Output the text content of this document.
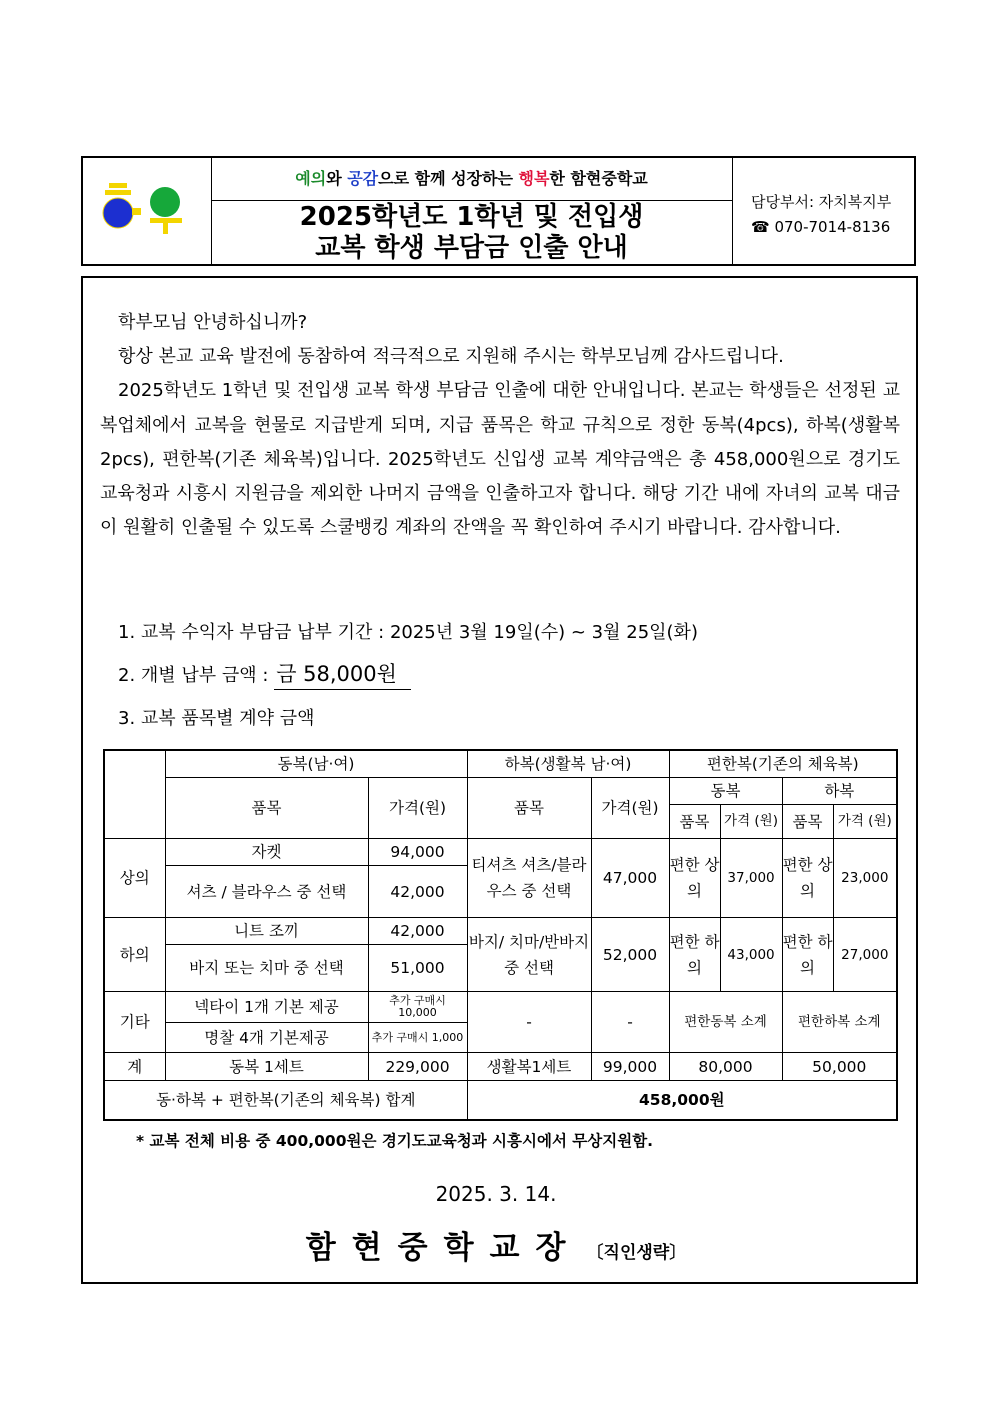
예의와 공감으로 함께 성장하는 행복한 함현중학교
2025학년도 1학년 및 전입생
교복 학생 부담금 인출 안내
담당부서: 자치복지부
☎ 070-7014-8136

학부모님 안녕하십니까?

항상 본교 교육 발전에 동참하여 적극적으로 지원해 주시는 학부모님께 감사드립니다.

2025학년도 1학년 및 전입생 교복 학생 부담금 인출에 대한 안내입니다. 본교는 학생들은 선정된 교복업체에서 교복을 현물로 지급받게 되며, 지급 품목은 학교 규칙으로 정한 동복(4pcs), 하복(생활복 2pcs), 편한복(기존 체육복)입니다. 2025학년도 신입생 교복 계약금액은 총 458,000원으로 경기도교육청과 시흥시 지원금을 제외한 나머지 금액을 인출하고자 합니다. 해당 기간 내에 자녀의 교복 대금이 원활히 인출될 수 있도록 스쿨뱅킹 계좌의 잔액을 꼭 확인하여 주시기 바랍니다. 감사합니다.

1. 교복 수익자 부담금 납부 기간 : 2025년 3월 19일(수) ~ 3월 25일(화)
2. 개별 납부 금액 : 금 58,000원
3. 교복 품목별 계약 금액
	동복(남·여)		하복(생활복 남·여)		편한복(기존의 체육복)			
	품목	가격(원)	품목	가격(원)	동복		하복	
					품목	가격 (원)	품목	가격 (원)
상의	자켓	94,000	티셔츠 셔츠/블라우스 중 선택	47,000	편한 상의	37,000	편한 상의	23,000
	셔츠 / 블라우스 중 선택	42,000						
하의	니트 조끼	42,000	바지/ 치마/반바지 중 선택	52,000	편한 하의	43,000	편한 하의	27,000
	바지 또는 치마 중 선택	51,000						
기타	넥타이 1개 기본 제공	추가 구매시 10,000	-	-	편한동복 소계		편한하복 소계	
	명찰 4개 기본제공	추가 구매시 1,000						
계	동복 1세트	229,000	생활복1세트	99,000	80,000		50,000	
동·하복 + 편한복(기존의 체육복) 합계			458,000원					
* 교복 전체 비용 중 400,000원은 경기도교육청과 시흥시에서 무상지원함.
2025. 3. 14.
함현중학교장 〔직인생략〕
